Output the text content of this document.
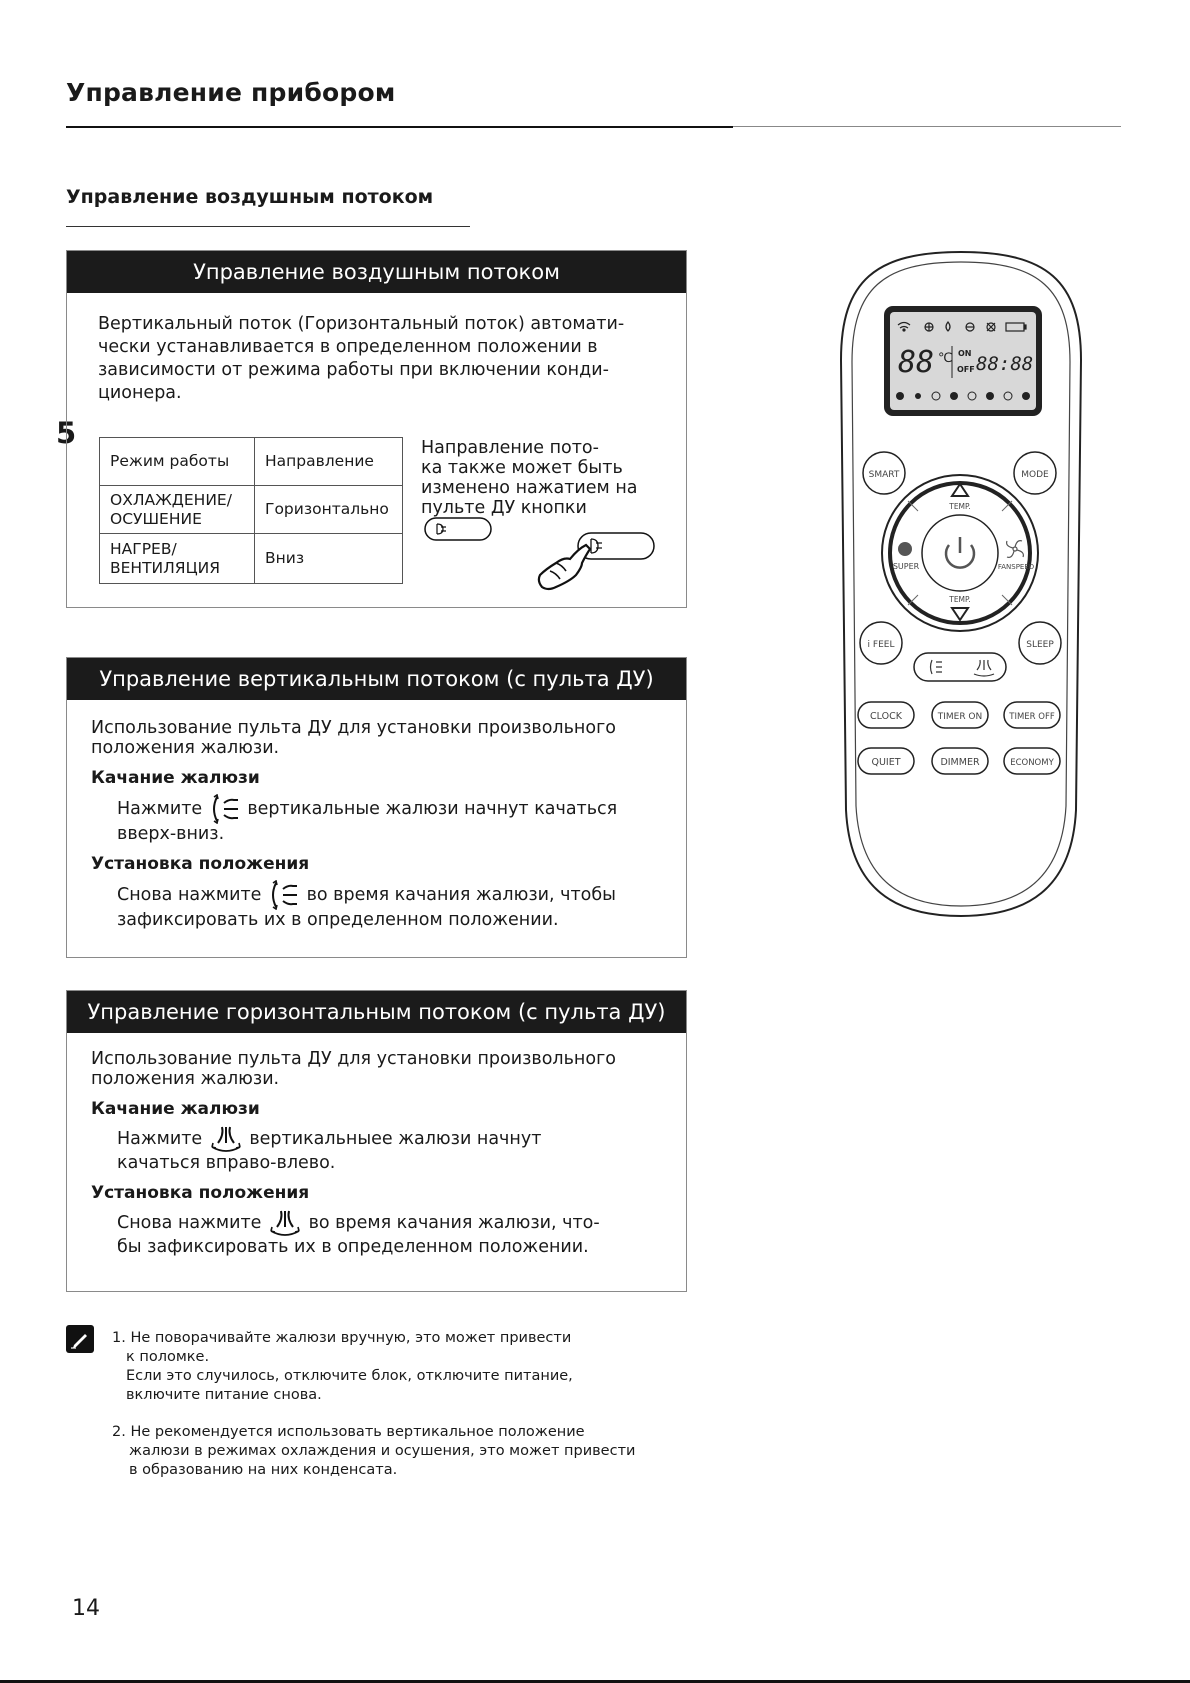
Управление прибором
Управление воздушным потоком
5
Управление воздушным потоком

Вертикальный поток (Горизонтальный поток) автомати-

чески устанавливается в определенном положении в

зависимости от режима работы при включении конди-

ционера.

Режим работы	Направление

ОХЛАЖДЕНИЕ/
ОСУШЕНИЕ	Горизонтально

НАГРЕВ/
ВЕНТИЛЯЦИЯ	Вниз
Направление пото-
ка также может быть
изменено нажатием на
пульте ДУ кнопки
Управление вертикальным потоком (с пульта ДУ)

Использование пульта ДУ для установки произвольного

положения жалюзи.

Качание жалюзи

Нажмите	вертикальные жалюзи начнут качаться
вверх-вниз.

Установка положения

Снова нажмите	во время качания жалюзи, чтобы
зафиксировать их в определенном положении.
Управление горизонтальным потоком (с пульта ДУ)

Использование пульта ДУ для установки произвольного

положения жалюзи.

Качание жалюзи

Нажмите	вертикальныее жалюзи начнут
качаться вправо-влево.

Установка положения

Снова нажмите	во время качания жалюзи, что-
бы зафиксировать их в определенном положении.

1. Не поворачивайте жалюзи вручную, это может привести

к поломке.

Если это случилось, отключите блок, отключите питание,

включите питание снова.

2. Не рекомендуется использовать вертикальное положение

жалюзи в режимах охлаждения и осушения, это может привести

в образованию на них конденсата.

88 ℃ ON
OFF 88:88
SMART	MODE
TEMP.
TEMP.
SUPER	FANSPEED
i FEEL	SLEEP
CLOCK	TIMER ON	TIMER OFF
QUIET	DIMMER	ECONOMY
14
